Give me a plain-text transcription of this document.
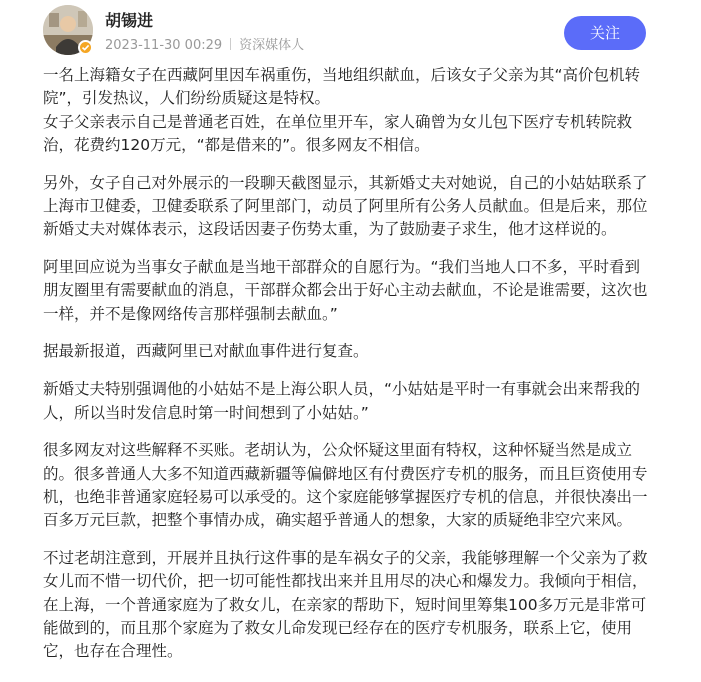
胡锡进
2023-11-30 00:29 资深媒体人
关注

一名上海籍女子在西藏阿里因车祸重伤，当地组织献血，后该女子父亲为其“高价包机转院”，引发热议，人们纷纷质疑这是特权。

女子父亲表示自己是普通老百姓，在单位里开车，家人确曾为女儿包下医疗专机转院救治，花费约120万元，“都是借来的”。很多网友不相信。

另外，女子自己对外展示的一段聊天截图显示，其新婚丈夫对她说，自己的小姑姑联系了上海市卫健委，卫健委联系了阿里部门，动员了阿里所有公务人员献血。但是后来，那位新婚丈夫对媒体表示，这段话因妻子伤势太重，为了鼓励妻子求生，他才这样说的。

阿里回应说为当事女子献血是当地干部群众的自愿行为。“我们当地人口不多，平时看到朋友圈里有需要献血的消息，干部群众都会出于好心主动去献血，不论是谁需要，这次也一样，并不是像网络传言那样强制去献血。”

据最新报道，西藏阿里已对献血事件进行复查。

新婚丈夫特别强调他的小姑姑不是上海公职人员，“小姑姑是平时一有事就会出来帮我的人，所以当时发信息时第一时间想到了小姑姑。”

很多网友对这些解释不买账。老胡认为，公众怀疑这里面有特权，这种怀疑当然是成立的。很多普通人大多不知道西藏新疆等偏僻地区有付费医疗专机的服务，而且巨资使用专机，也绝非普通家庭轻易可以承受的。这个家庭能够掌握医疗专机的信息，并很快凑出一百多万元巨款，把整个事情办成，确实超乎普通人的想象，大家的质疑绝非空穴来风。

不过老胡注意到，开展并且执行这件事的是车祸女子的父亲，我能够理解一个父亲为了救女儿而不惜一切代价，把一切可能性都找出来并且用尽的决心和爆发力。我倾向于相信，在上海，一个普通家庭为了救女儿，在亲家的帮助下，短时间里筹集100多万元是非常可能做到的，而且那个家庭为了救女儿命发现已经存在的医疗专机服务，联系上它，使用它，也存在合理性。
